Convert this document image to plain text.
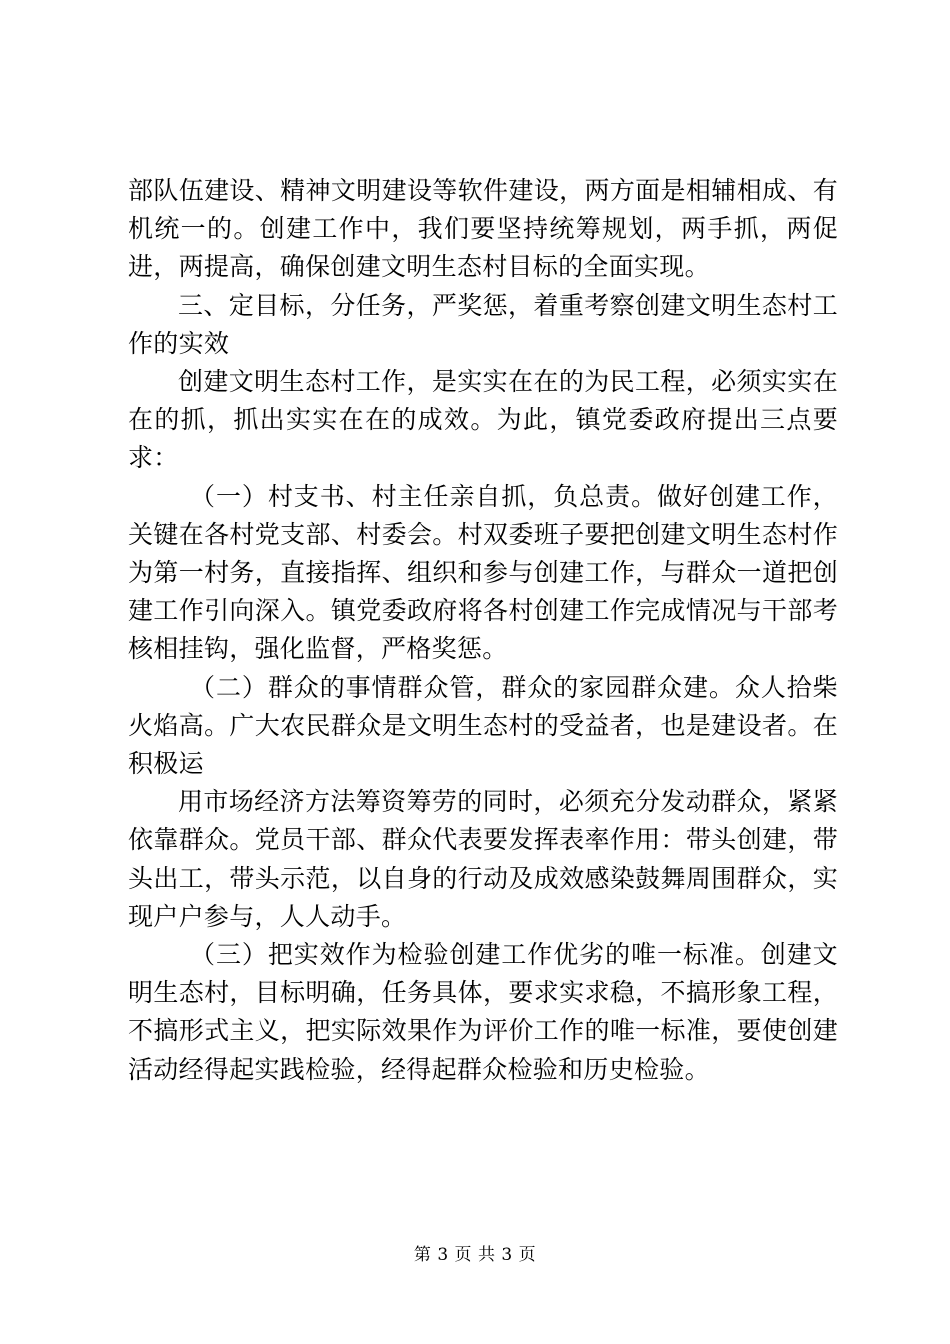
部队伍建设、精神文明建设等软件建设，两方面是相辅相成、有机统一的。创建工作中，我们要坚持统筹规划，两手抓，两促进，两提高，确保创建文明生态村目标的全面实现。

三、定目标，分任务，严奖惩，着重考察创建文明生态村工作的实效

创建文明生态村工作，是实实在在的为民工程，必须实实在在的抓，抓出实实在在的成效。为此，镇党委政府提出三点要求：

（一）村支书、村主任亲自抓，负总责。做好创建工作，关键在各村党支部、村委会。村双委班子要把创建文明生态村作为第一村务，直接指挥、组织和参与创建工作，与群众一道把创建工作引向深入。镇党委政府将各村创建工作完成情况与干部考核相挂钩，强化监督，严格奖惩。

（二）群众的事情群众管，群众的家园群众建。众人拾柴火焰高。广大农民群众是文明生态村的受益者，也是建设者。在积极运

用市场经济方法筹资筹劳的同时，必须充分发动群众，紧紧依靠群众。党员干部、群众代表要发挥表率作用：带头创建，带头出工，带头示范，以自身的行动及成效感染鼓舞周围群众，实现户户参与，人人动手。

（三）把实效作为检验创建工作优劣的唯一标准。创建文明生态村，目标明确，任务具体，要求实求稳，不搞形象工程，不搞形式主义，把实际效果作为评价工作的唯一标准，要使创建活动经得起实践检验，经得起群众检验和历史检验。

第 3 页 共 3 页
